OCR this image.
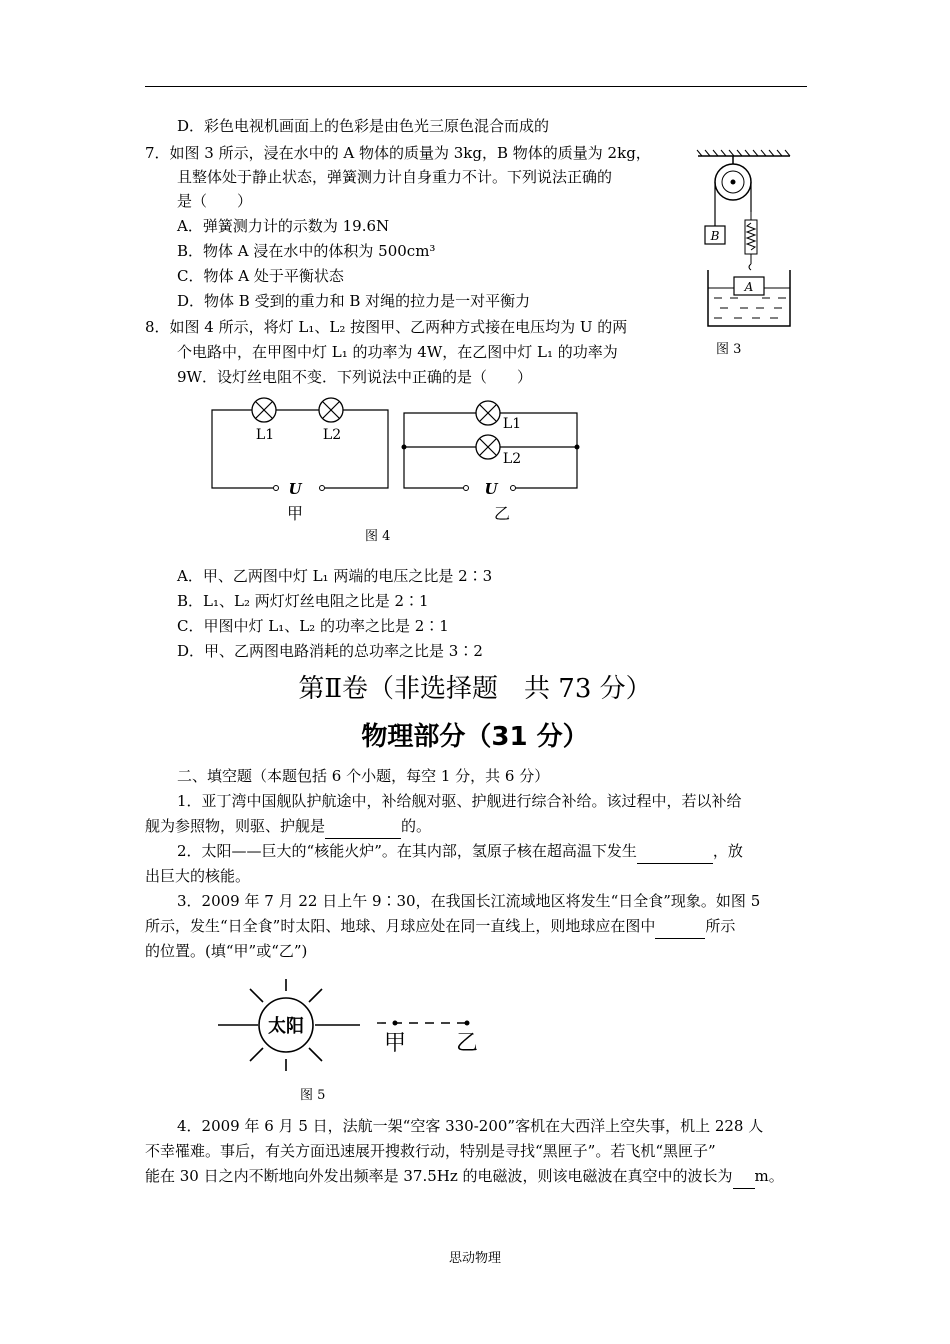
D．彩色电视机画面上的色彩是由色光三原色混合而成的
7．如图 3 所示，浸在水中的 A 物体的质量为 3kg，B 物体的质量为 2kg，
且整体处于静止状态，弹簧测力计自身重力不计。下列说法正确的
是（　　）
A．弹簧测力计的示数为 19.6N
B．物体 A 浸在水中的体积为 500cm³
C．物体 A 处于平衡状态
D．物体 B 受到的重力和 B 对绳的拉力是一对平衡力
B
A
图 3
8．如图 4 所示，将灯 L₁、L₂ 按图甲、乙两种方式接在电压均为 U 的两
个电路中，在甲图中灯 L₁ 的功率为 4W，在乙图中灯 L₁ 的功率为
9W．设灯丝电阻不变．下列说法中正确的是（　　）
L1	L2
U
甲
L1
L2
U
乙
图 4
A．甲、乙两图中灯 L₁ 两端的电压之比是 2∶3
B．L₁、L₂ 两灯灯丝电阻之比是 2∶1
C．甲图中灯 L₁、L₂ 的功率之比是 2∶1
D．甲、乙两图电路消耗的总功率之比是 3∶2
第Ⅱ卷（非选择题　共 73 分）
物理部分（31 分）
二、填空题（本题包括 6 个小题，每空 1 分，共 6 分）
1．亚丁湾中国舰队护航途中，补给舰对驱、护舰进行综合补给。该过程中，若以补给
舰为参照物，则驱、护舰是	的。
2．太阳——巨大的“核能火炉”。在其内部，氢原子核在超高温下发生	，放
出巨大的核能。
3．2009 年 7 月 22 日上午 9∶30，在我国长江流域地区将发生“日全食”现象。如图 5
所示，发生“日全食”时太阳、地球、月球应处在同一直线上，则地球应在图中	所示
的位置。(填“甲”或“乙”)
太阳
甲 乙
图 5
4．2009 年 6 月 5 日，法航一架“空客 330-200”客机在大西洋上空失事，机上 228 人
不幸罹难。事后，有关方面迅速展开搜救行动，特别是寻找“黑匣子”。若飞机“黑匣子”
能在 30 日之内不断地向外发出频率是 37.5Hz 的电磁波，则该电磁波在真空中的波长为 m。
思动物理
